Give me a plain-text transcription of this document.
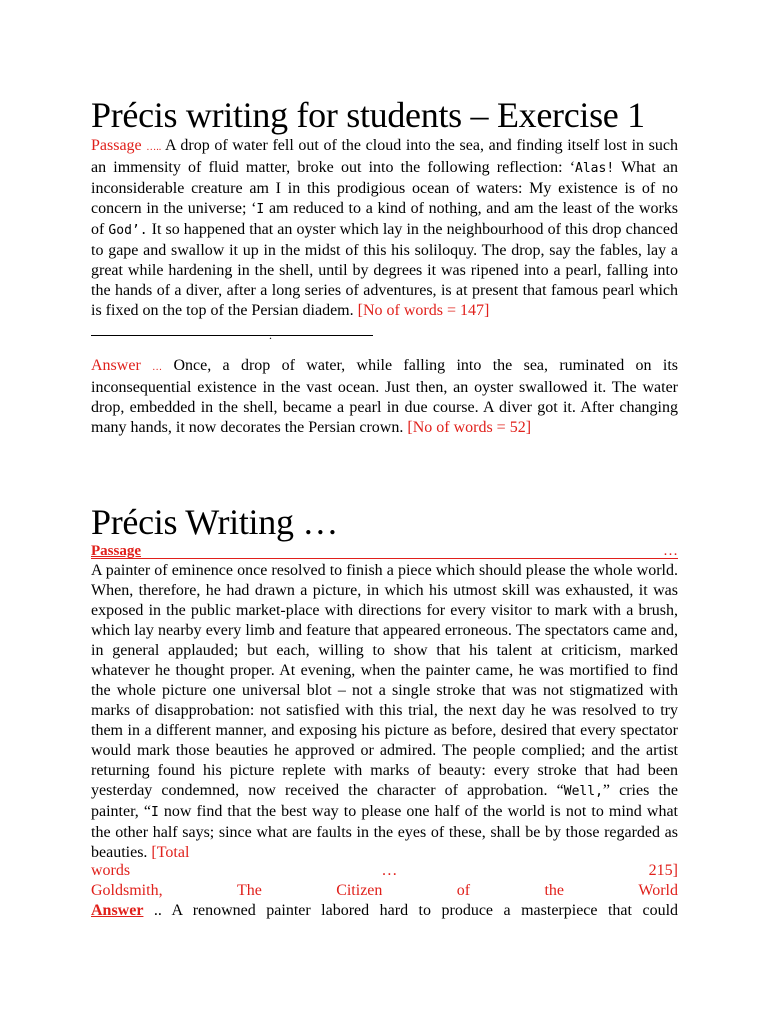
Précis writing for students – Exercise 1

Passage ….. A drop of water fell out of the cloud into the sea, and finding itself lost in such an immensity of fluid matter, broke out into the following reflection: ‘Alas! What an inconsiderable creature am I in this prodigious ocean of waters: My existence is of no concern in the universe; ‘I am reduced to a kind of nothing, and am the least of the works of God’. It so happened that an oyster which lay in the neighbourhood of this drop chanced to gape and swallow it up in the midst of this his soliloquy. The drop, say the fables, lay a great while hardening in the shell, until by degrees it was ripened into a pearl, falling into the hands of a diver, after a long series of adventures, is at present that famous pearl which is fixed on the top of the Persian diadem. [No of words = 147]

.

Answer … Once, a drop of water, while falling into the sea, ruminated on its inconsequential existence in the vast ocean. Just then, an oyster swallowed it. The water drop, embedded in the shell, became a pearl in due course. A diver got it. After changing many hands, it now decorates the Persian crown. [No of words = 52]

Précis Writing …
Passage	…

A painter of eminence once resolved to finish a piece which should please the whole world. When, therefore, he had drawn a picture, in which his utmost skill was exhausted, it was exposed in the public market-place with directions for every visitor to mark with a brush, which lay nearby every limb and feature that appeared erroneous. The spectators came and, in general applauded; but each, willing to show that his talent at criticism, marked whatever he thought proper. At evening, when the painter came, he was mortified to find the whole picture one universal blot – not a single stroke that was not stigmatized with marks of disapprobation: not satisfied with this trial, the next day he was resolved to try them in a different manner, and exposing his picture as before, desired that every spectator would mark those beauties he approved or admired. The people complied; and the artist returning found his picture replete with marks of beauty: every stroke that had been yesterday condemned, now received the character of approbation. “Well,” cries the painter, “I now find that the best way to please one half of the world is not to mind what the other half says; since what are faults in the eyes of these, shall be by those regarded as beauties. [Total

words	…	215]
Goldsmith,	The	Citizen	of	the	World

Answer .. A renowned painter labored hard to produce a masterpiece that could
